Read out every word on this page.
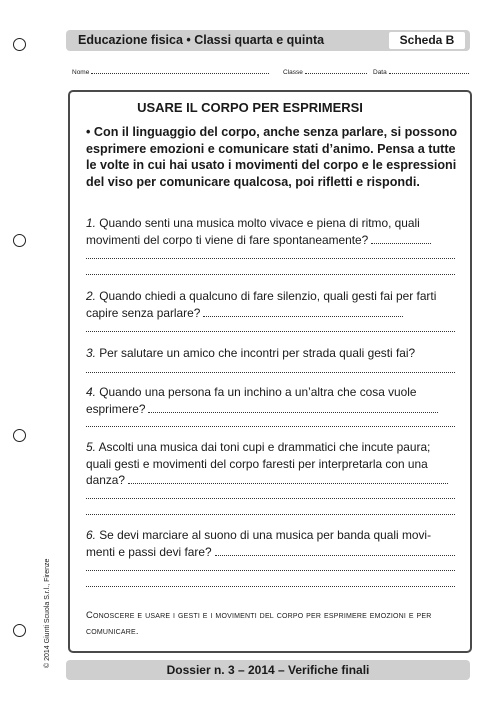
Educazione fisica • Classi quarta e quinta	Scheda B
Nome	Classe	Data
USARE IL CORPO PER ESPRIMERSI
• Con il linguaggio del corpo, anche senza parlare, si possono esprimere emozioni e comunicare stati d’animo. Pensa a tutte le volte in cui hai usato i movimenti del corpo e le espressioni del viso per comunicare qualcosa, poi rifletti e rispondi.
1. Quando senti una musica molto vivace e piena di ritmo, quali movimenti del corpo ti viene di fare spontaneamente?
2. Quando chiedi a qualcuno di fare silenzio, quali gesti fai per farti capire senza parlare?
3. Per salutare un amico che incontri per strada quali gesti fai?
4. Quando una persona fa un inchino a un’altra che cosa vuole esprimere?
5. Ascolti una musica dai toni cupi e drammatici che incute paura; quali gesti e movimenti del corpo faresti per interpretarla con una danza?
6. Se devi marciare al suono di una musica per banda quali movi-menti e passi devi fare?
Conoscere e usare i gesti e i movimenti del corpo per esprimere emozioni e per comunicare.
© 2014 Giunti Scuola S.r.l., Firenze
Dossier n. 3 – 2014 – Verifiche finali
